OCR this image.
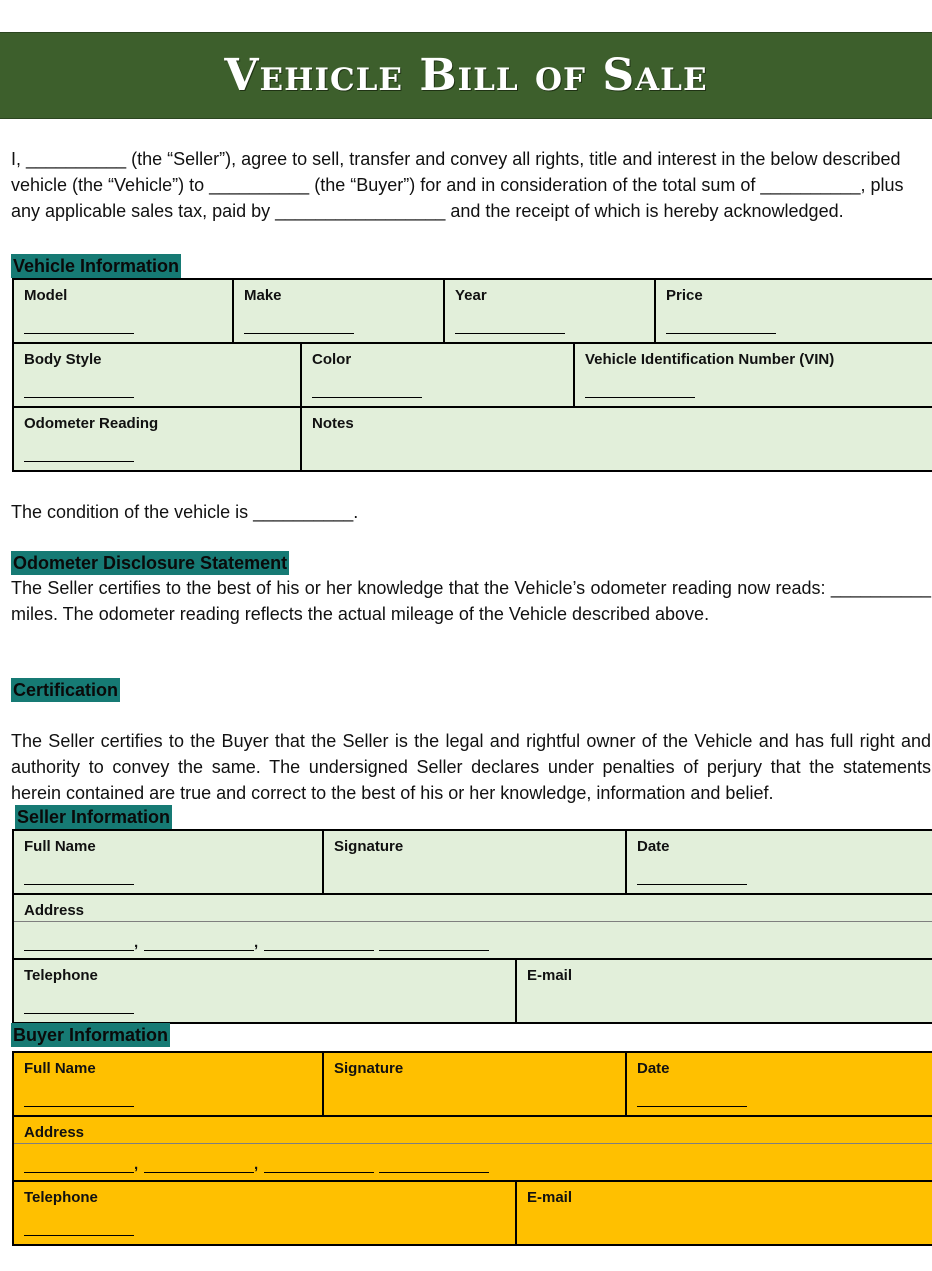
Vehicle Bill of Sale

I, __________ (the “Seller”), agree to sell, transfer and convey all rights, title and interest in the below described vehicle (the “Vehicle”) to __________ (the “Buyer”) for and in consideration of the total sum of __________, plus any applicable sales tax, paid by _________________ and the receipt of which is hereby acknowledged.

Vehicle Information
Model	Make	Year	Price
Body Style	Color	Vehicle Identification Number (VIN)
Odometer Reading	Notes

The condition of the vehicle is __________.

Odometer Disclosure Statement

The Seller certifies to the best of his or her knowledge that the Vehicle’s odometer reading now reads: __________ miles. The odometer reading reflects the actual mileage of the Vehicle described above.

Certification

The Seller certifies to the Buyer that the Seller is the legal and rightful owner of the Vehicle and has full right and authority to convey the same. The undersigned Seller declares under penalties of perjury that the statements herein contained are true and correct to the best of his or her knowledge, information and belief.

Seller Information
Full Name	Signature	Date
Address
,	,
Telephone	E-mail
Buyer Information
Full Name	Signature	Date
Address
,	,
Telephone	E-mail
